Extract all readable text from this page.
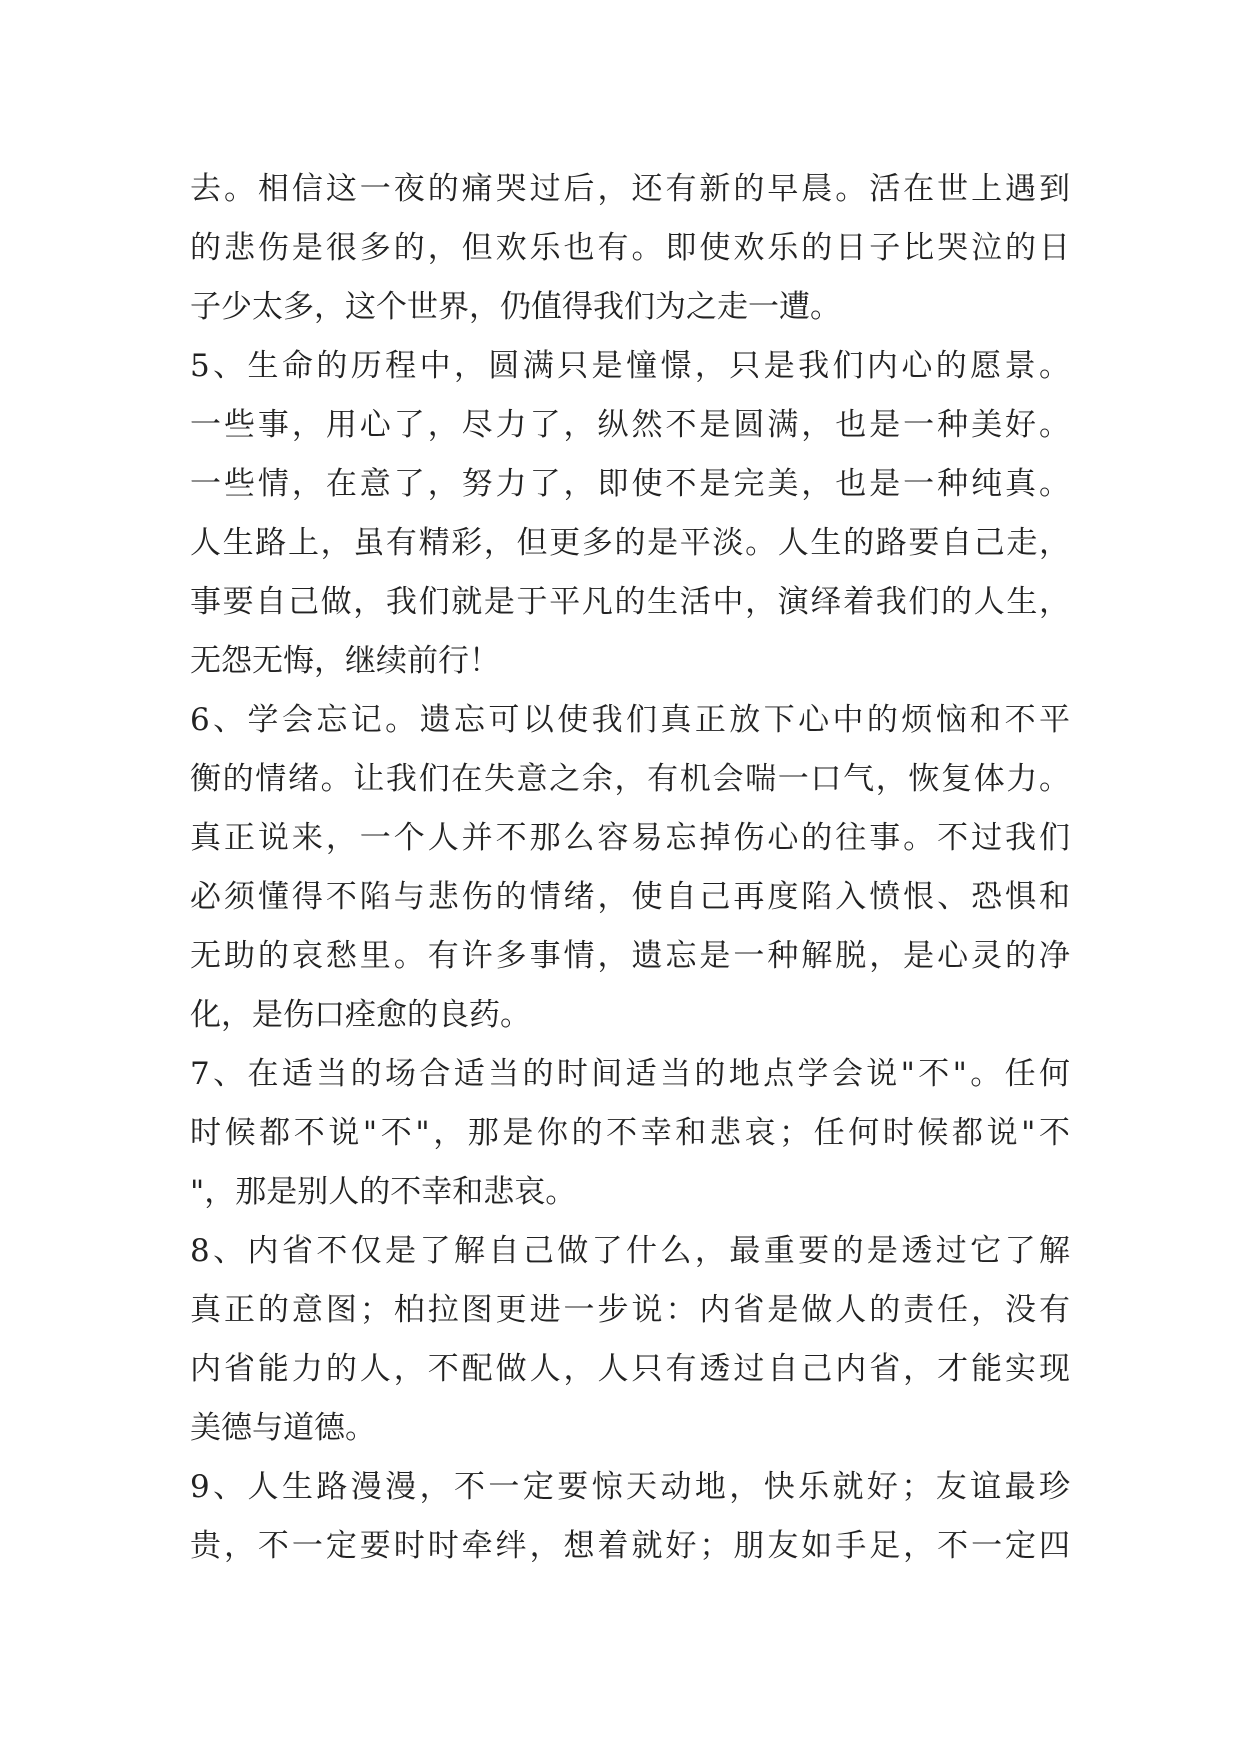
去。相信这一夜的痛哭过后，还有新的早晨。活在世上遇到
的悲伤是很多的，但欢乐也有。即使欢乐的日子比哭泣的日
子少太多，这个世界，仍值得我们为之走一遭。
5、生命的历程中，圆满只是憧憬，只是我们内心的愿景。
一些事，用心了，尽力了，纵然不是圆满，也是一种美好。
一些情，在意了，努力了，即使不是完美，也是一种纯真。
人生路上，虽有精彩，但更多的是平淡。人生的路要自己走，
事要自己做，我们就是于平凡的生活中，演绎着我们的人生，
无怨无悔，继续前行！
6、学会忘记。遗忘可以使我们真正放下心中的烦恼和不平
衡的情绪。让我们在失意之余，有机会喘一口气，恢复体力。
真正说来，一个人并不那么容易忘掉伤心的往事。不过我们
必须懂得不陷与悲伤的情绪，使自己再度陷入愤恨、恐惧和
无助的哀愁里。有许多事情，遗忘是一种解脱，是心灵的净
化，是伤口痊愈的良药。
7、在适当的场合适当的时间适当的地点学会说"不"。任何
时候都不说"不"，那是你的不幸和悲哀；任何时候都说"不
"，那是别人的不幸和悲哀。
8、内省不仅是了解自己做了什么，最重要的是透过它了解
真正的意图；柏拉图更进一步说：内省是做人的责任，没有
内省能力的人，不配做人，人只有透过自己内省，才能实现
美德与道德。
9、人生路漫漫，不一定要惊天动地，快乐就好；友谊最珍
贵，不一定要时时牵绊，想着就好；朋友如手足，不一定四
